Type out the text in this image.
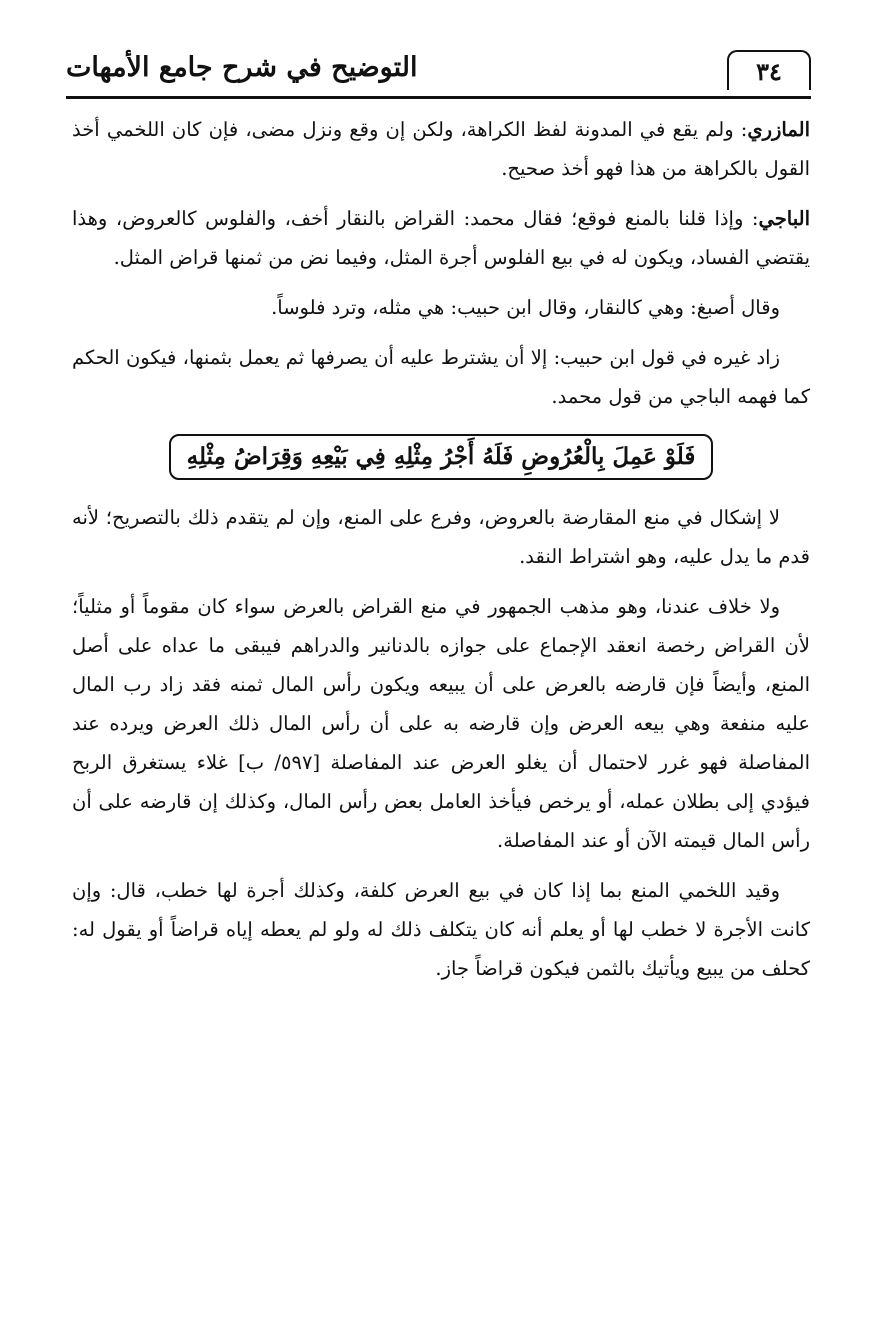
٣٤
التوضيح في شرح جامع الأمهات

المازري: ولم يقع في المدونة لفظ الكراهة، ولكن إن وقع ونزل مضى، فإن كان اللخمي أخذ القول بالكراهة من هذا فهو أخذ صحيح.

الباجي: وإذا قلنا بالمنع فوقع؛ فقال محمد: القراض بالنقار أخف، والفلوس كالعروض، وهذا يقتضي الفساد، ويكون له في بيع الفلوس أجرة المثل، وفيما نض من ثمنها قراض المثل.

وقال أصبغ: وهي كالنقار، وقال ابن حبيب: هي مثله، وترد فلوساً.

زاد غيره في قول ابن حبيب: إلا أن يشترط عليه أن يصرفها ثم يعمل بثمنها، فيكون الحكم كما فهمه الباجي من قول محمد.

فَلَوْ عَمِلَ بِالْعُرُوضِ فَلَهُ أَجْرُ مِثْلِهِ فِي بَيْعِهِ وَقِرَاضُ مِثْلِهِ

لا إشكال في منع المقارضة بالعروض، وفرع على المنع، وإن لم يتقدم ذلك بالتصريح؛ لأنه قدم ما يدل عليه، وهو اشتراط النقد.

ولا خلاف عندنا، وهو مذهب الجمهور في منع القراض بالعرض سواء كان مقوماً أو مثلياً؛ لأن القراض رخصة انعقد الإجماع على جوازه بالدنانير والدراهم فيبقى ما عداه على أصل المنع، وأيضاً فإن قارضه بالعرض على أن يبيعه ويكون رأس المال ثمنه فقد زاد رب المال عليه منفعة وهي بيعه العرض وإن قارضه به على أن رأس المال ذلك العرض ويرده عند المفاصلة فهو غرر لاحتمال أن يغلو العرض عند المفاصلة [٥٩٧/ ب] غلاء يستغرق الربح فيؤدي إلى بطلان عمله، أو يرخص فيأخذ العامل بعض رأس المال، وكذلك إن قارضه على أن رأس المال قيمته الآن أو عند المفاصلة.

وقيد اللخمي المنع بما إذا كان في بيع العرض كلفة، وكذلك أجرة لها خطب، قال: وإن كانت الأجرة لا خطب لها أو يعلم أنه كان يتكلف ذلك له ولو لم يعطه إياه قراضاً أو يقول له: كحلف من يبيع ويأتيك بالثمن فيكون قراضاً جاز.
